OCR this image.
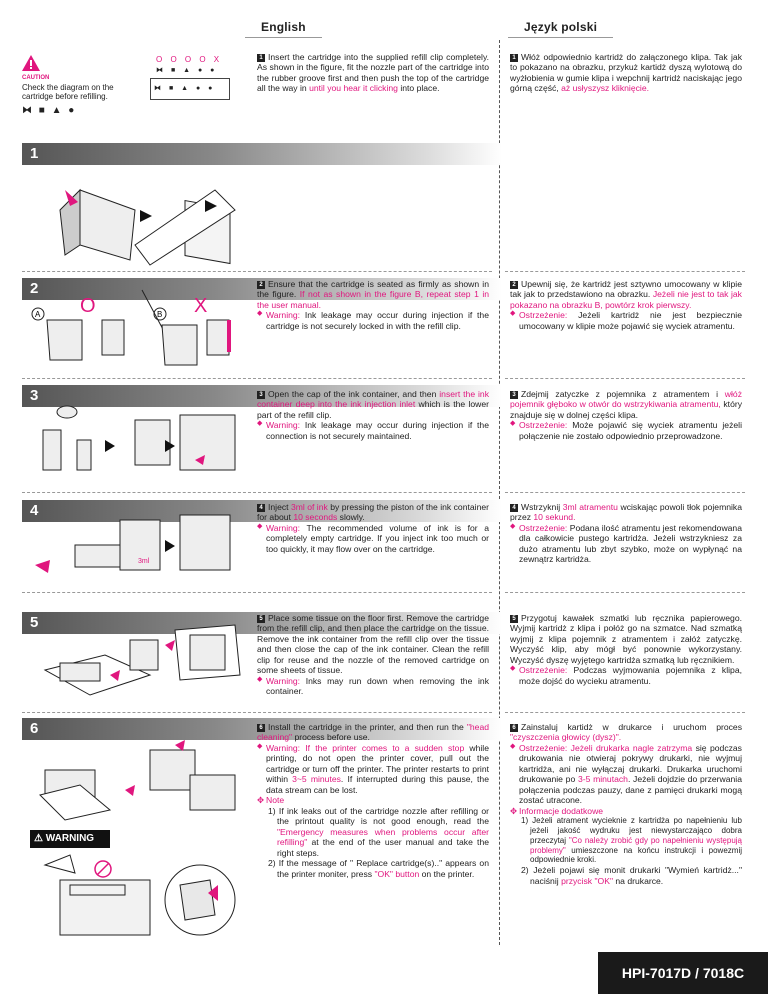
English	Język polski
CAUTION
Check the diagram on the cartridge before refilling.
⧓ ■ ▲ ●
O O O O X
⧓ ■ ▲ ● ●
⧓ ■ ▲ ● ●
1

1 Insert the cartridge into the supplied refill clip completely. As shown in the figure, fit the nozzle part of the cartridge into the rubber groove first and then push the top of the cartridge all the way in until you hear it clicking into place.

1 Włóż odpowiednio kartridż do załączonego klipa. Tak jak to pokazano na obrazku, przykuż kartidż dyszą wylotową do wyżłobienia w gumie klipa i wepchnij kartridż naciskając jego górną część, aż usłyszysz kliknięcie.

2	2 Ensure that the cartridge is seated as firmly as shown in the figure. If not as shown in the figure B, repeat step 1 in the user manual.

◆ Warning: Ink leakage may occur during injection if the cartridge is not securely locked in with the refill clip.

2 Upewnij się, że kartridż jest sztywno umocowany w klipie tak jak to przedstawiono na obrazku. Jeżeli nie jest to tak jak pokazano na obrazku B, powtórz krok pierwszy.

◆ Ostrzeżenie: Jeżeli kartridż nie jest bezpiecznie umocowany w klipie może pojawić się wyciek atramentu.

A	B
O	X
3	3 Open the cap of the ink container, and then insert the ink container deep into the ink injection inlet which is the lower part of the refill clip.

◆ Warning: Ink leakage may occur during injection if the connection is not securely maintained.

3 Zdejmij zatyczke z pojemnika z atramentem i włóż pojemnik głęboko w otwór do wstrzykiwania atramentu, który znajduje się w dolnej części klipa.

◆ Ostrzeżenie: Może pojawić się wyciek atramentu jeżeli połączenie nie zostało odpowiednio przeprowadzone.

4	4 Inject 3ml of ink by pressing the piston of the ink container for about 10 seconds slowly.

◆ Warning: The recommended volume of ink is for a completely empty cartridge. If you inject ink too much or too quickly, it may flow over on the cartridge.

4 Wstrzyknij 3ml atramentu wciskając powoli tłok pojemnika przez 10 sekund.

◆ Ostrzeżenie: Podana ilość atramentu jest rekomendowana dla całkowicie pustego kartridża. Jeżeli wstrzykniesz za dużo atramentu lub zbyt szybko, może on wypłynąć na zewnątrz kartridża.

3ml
5	5 Place some tissue on the floor first. Remove the cartridge from the refill clip, and then place the cartridge on the tissue. Remove the ink container from the refill clip over the tissue and then close the cap of the ink container. Clean the refill clip for reuse and the nozzle of the removed cartridge on some sheets of tissue.

◆ Warning: Inks may run down when removing the ink container.

5 Przygotuj kawałek szmatki lub ręcznika papierowego. Wyjmij kartridż z klipa i połóż go na szmatce. Nad szmatką wyjmij z klipa pojemnik z atramentem i załóż zatyczkę. Wyczyść klip, aby mógł być ponownie wykorzystany. Wyczyść dyszę wyjętego kartridża szmatką lub ręcznikiem.

◆ Ostrzeżenie: Podczas wyjmowania pojemnika z klipa, może dojść do wycieku atramentu.

6	6 Install the cartridge in the printer, and then run the "head cleaning" process before use.

◆ Warning: If the printer comes to a sudden stop while printing, do not open the printer cover, pull out the cartridge or turn off the printer. The printer restarts to print within 3~5 minutes. If interrupted during this pause, the data stream can be lost.

✥ Note

1) If ink leaks out of the cartridge nozzle after refilling or the printout quality is not good enough, read the "Emergency measures when problems occur after refilling" at the end of the user manual and take the right steps.

2) If the message of " Replace cartridge(s).." appears on the printer moniter, press "OK" button on the printer.

6 Zainstaluj kartidż w drukarce i uruchom proces "czyszczenia głowicy (dysz)".

◆ Ostrzeżenie: Jeżeli drukarka nagle zatrzyma się podczas drukowania nie otwieraj pokrywy drukarki, nie wyjmuj kartridża, ani nie wyłączaj drukarki. Drukarka uruchomi drukowanie po 3-5 minutach. Jeżeli dojdzie do przerwania połączenia podczas pauzy, dane z pamięci drukarki mogą zostać utracone.

✥ Informacje dodatkowe

1) Jeżeli atrament wycieknie z kartridża po napełnieniu lub jeżeli jakość wydruku jest niewystarczająco dobra przeczytaj "Co należy zrobić gdy po napełnieniu występują problemy" umieszczone na końcu instrukcji i powezmij odpowiednie kroki.

2) Jeżeli pojawi się monit drukarki "Wymień kartridż..." naciśnij przycisk "OK" na drukarce.

⚠ WARNING
HPI-7017D / 7018C
